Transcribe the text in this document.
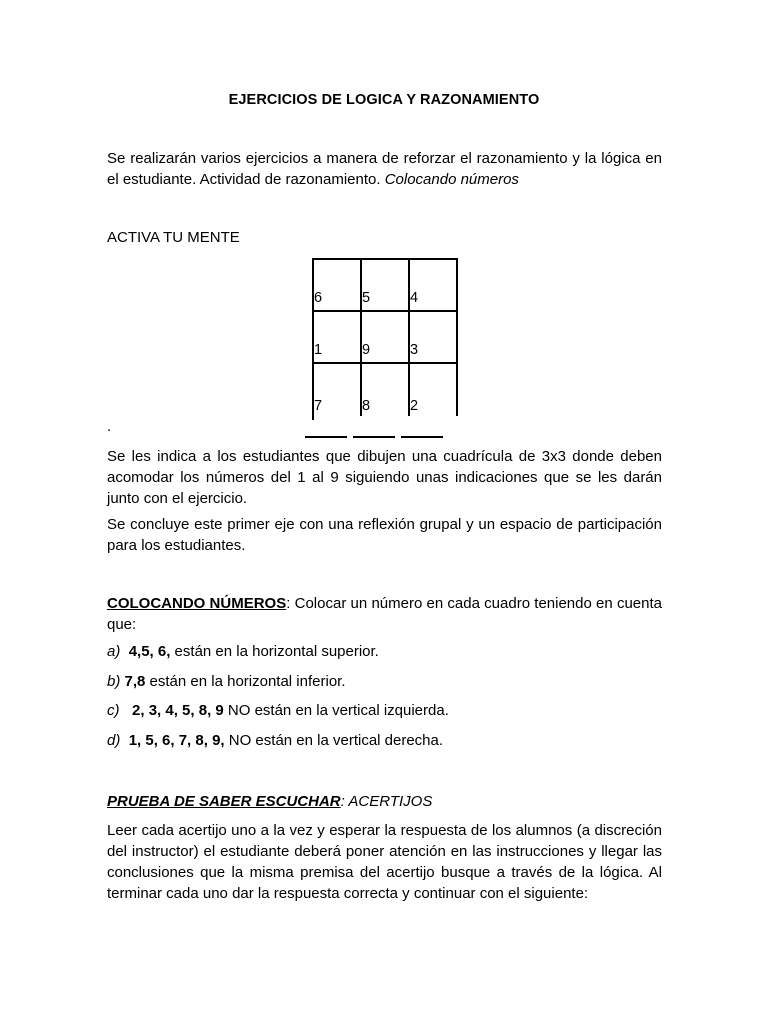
EJERCICIOS DE LOGICA Y RAZONAMIENTO
Se realizarán varios ejercicios a manera de reforzar el razonamiento y la lógica en el estudiante. Actividad de razonamiento. Colocando números
ACTIVA TU MENTE
6	5	4
1	9	3
7	8	2
.
Se les indica a los estudiantes que dibujen una cuadrícula de 3x3 donde deben acomodar los números del 1 al 9 siguiendo unas indicaciones que se les darán junto con el ejercicio.
Se concluye este primer eje con una reflexión grupal y un espacio de participación para los estudiantes.
COLOCANDO NÚMEROS: Colocar un número en cada cuadro teniendo en cuenta que:
a) 4,5, 6, están en la horizontal superior.
b) 7,8 están en la horizontal inferior.
c) 2, 3, 4, 5, 8, 9 NO están en la vertical izquierda.
d) 1, 5, 6, 7, 8, 9, NO están en la vertical derecha.
PRUEBA DE SABER ESCUCHAR: ACERTIJOS
Leer cada acertijo uno a la vez y esperar la respuesta de los alumnos (a discreción del instructor) el estudiante deberá poner atención en las instrucciones y llegar las conclusiones que la misma premisa del acertijo busque a través de la lógica. Al terminar cada uno dar la respuesta correcta y continuar con el siguiente:
